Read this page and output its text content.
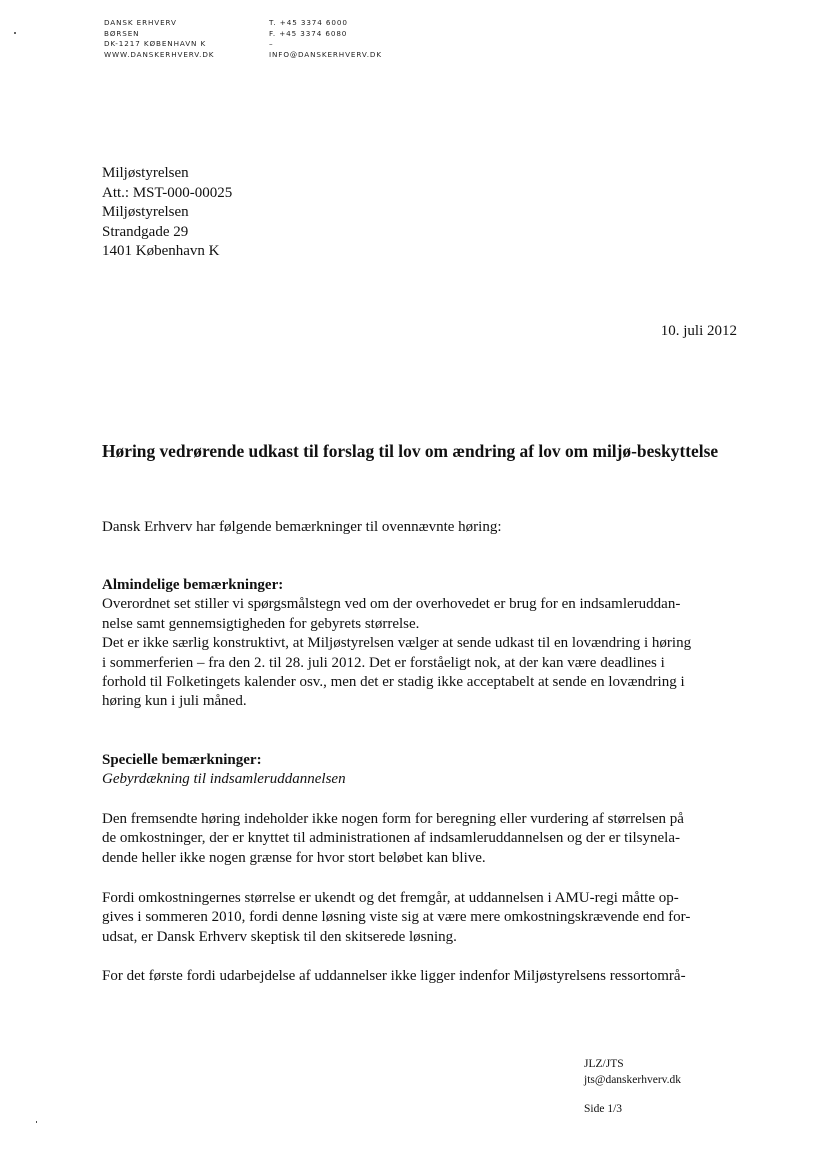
DANSK ERHVERV
BØRSEN
DK-1217 KØBENHAVN K
WWW.DANSKERHVERV.DK
T. +45 3374 6000
F. +45 3374 6080
–
INFO@DANSKERHVERV.DK
Miljøstyrelsen
Att.: MST-000-00025
Miljøstyrelsen
Strandgade 29
1401 København K
10. juli 2012
Høring vedrørende udkast til forslag til lov om ændring af lov om miljø-beskyttelse

Dansk Erhverv har følgende bemærkninger til ovennævnte høring:

Almindelige bemærkninger:
Overordnet set stiller vi spørgsmålstegn ved om der overhovedet er brug for en indsamleruddan-
nelse samt gennemsigtigheden for gebyrets størrelse.
Det er ikke særlig konstruktivt, at Miljøstyrelsen vælger at sende udkast til en lovændring i høring
i sommerferien – fra den 2. til 28. juli 2012. Det er forståeligt nok, at der kan være deadlines i
forhold til Folketingets kalender osv., men det er stadig ikke acceptabelt at sende en lovændring i
høring kun i juli måned.
Specielle bemærkninger:
Gebyrdækning til indsamleruddannelsen
Den fremsendte høring indeholder ikke nogen form for beregning eller vurdering af størrelsen på
de omkostninger, der er knyttet til administrationen af indsamleruddannelsen og der er tilsynela-
dende heller ikke nogen grænse for hvor stort beløbet kan blive.
Fordi omkostningernes størrelse er ukendt og det fremgår, at uddannelsen i AMU-regi måtte op-
gives i sommeren 2010, fordi denne løsning viste sig at være mere omkostningskrævende end for-
udsat, er Dansk Erhverv skeptisk til den skitserede løsning.
For det første fordi udarbejdelse af uddannelser ikke ligger indenfor Miljøstyrelsens ressortområ-
JLZ/JTS
jts@danskerhverv.dk
Side 1/3
